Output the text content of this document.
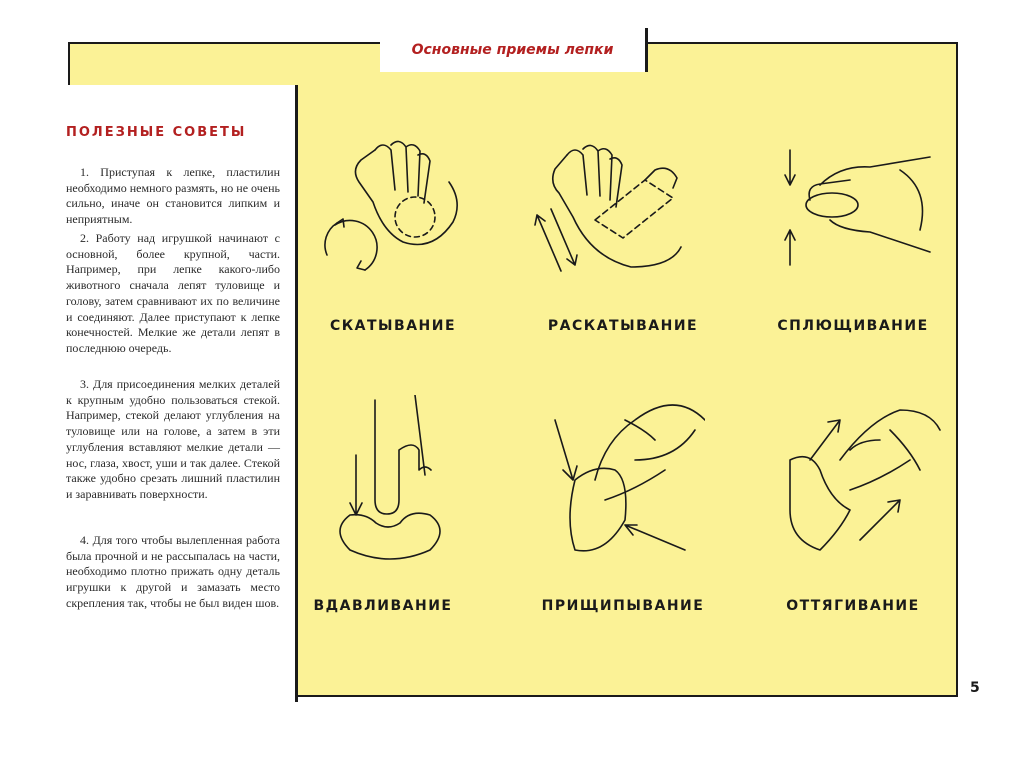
Основные приемы лепки
ПОЛЕЗНЫЕ СОВЕТЫ

1. Приступая к лепке, пластилин необходимо немного размять, но не очень сильно, иначе он становится липким и неприятным.

2. Работу над игрушкой начинают с основной, более крупной, части. Например, при лепке какого-либо животного сначала лепят туловище и голову, затем сравнивают их по величине и соединяют. Далее приступают к лепке конечностей. Мелкие же детали лепят в последнюю очередь.

3. Для присоединения мелких деталей к крупным удобно пользоваться стекой. Например, стекой делают углубления на туловище или на голове, а затем в эти углубления вставляют мелкие детали — нос, глаза, хвост, уши и так далее. Стекой также удобно срезать лишний пластилин и заравнивать поверхности.

4. Для того чтобы вылепленная работа была прочной и не рассыпалась на части, необходимо плотно прижать одну деталь игрушки к другой и замазать место скрепления так, чтобы не был виден шов.

СКАТЫВАНИЕ	РАСКАТЫВАНИЕ	СПЛЮЩИВАНИЕ
ВДАВЛИВАНИЕ	ПРИЩИПЫВАНИЕ	ОТТЯГИВАНИЕ
5
